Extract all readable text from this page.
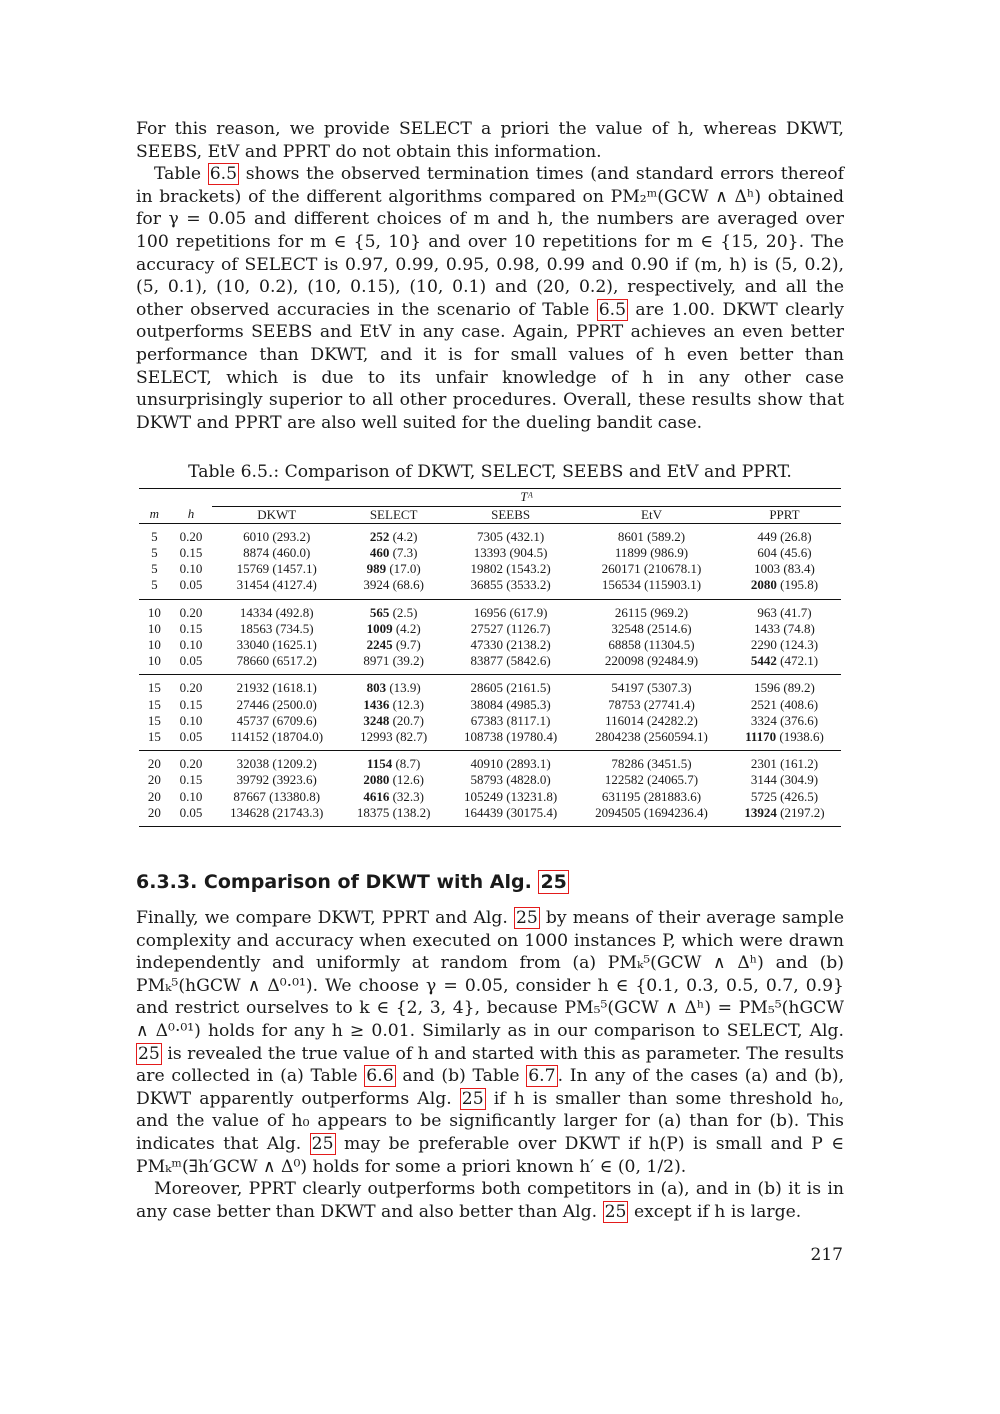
For this reason, we provide SELECT a priori the value of h, whereas DKWT, SEEBS, EtV and PPRT do not obtain this information.

Table 6.5 shows the observed termination times (and standard errors thereof in brackets) of the different algorithms compared on PM₂ᵐ(GCW ∧ Δʰ) obtained for γ = 0.05 and different choices of m and h, the numbers are averaged over 100 repetitions for m ∈ {5, 10} and over 10 repetitions for m ∈ {15, 20}. The accuracy of SELECT is 0.97, 0.99, 0.95, 0.98, 0.99 and 0.90 if (m, h) is (5, 0.2), (5, 0.1), (10, 0.2), (10, 0.15), (10, 0.1) and (20, 0.2), respectively, and all the other observed accuracies in the scenario of Table 6.5 are 1.00. DKWT clearly outperforms SEEBS and EtV in any case. Again, PPRT achieves an even better performance than DKWT, and it is for small values of h even better than SELECT, which is due to its unfair knowledge of h in any other case unsurprisingly superior to all other procedures. Overall, these results show that DKWT and PPRT are also well suited for the dueling bandit case.

Table 6.5.: Comparison of DKWT, SELECT, SEEBS and EtV and PPRT.

		Tᴬ				
m	h	DKWT	SELECT	SEEBS	EtV	PPRT
5	0.20	6010 (293.2)	252 (4.2)	7305 (432.1)	8601 (589.2)	449 (26.8)
5	0.15	8874 (460.0)	460 (7.3)	13393 (904.5)	11899 (986.9)	604 (45.6)
5	0.10	15769 (1457.1)	989 (17.0)	19802 (1543.2)	260171 (210678.1)	1003 (83.4)
5	0.05	31454 (4127.4)	3924 (68.6)	36855 (3533.2)	156534 (115903.1)	2080 (195.8)
10	0.20	14334 (492.8)	565 (2.5)	16956 (617.9)	26115 (969.2)	963 (41.7)
10	0.15	18563 (734.5)	1009 (4.2)	27527 (1126.7)	32548 (2514.6)	1433 (74.8)
10	0.10	33040 (1625.1)	2245 (9.7)	47330 (2138.2)	68858 (11304.5)	2290 (124.3)
10	0.05	78660 (6517.2)	8971 (39.2)	83877 (5842.6)	220098 (92484.9)	5442 (472.1)
15	0.20	21932 (1618.1)	803 (13.9)	28605 (2161.5)	54197 (5307.3)	1596 (89.2)
15	0.15	27446 (2500.0)	1436 (12.3)	38084 (4985.3)	78753 (27741.4)	2521 (408.6)
15	0.10	45737 (6709.6)	3248 (20.7)	67383 (8117.1)	116014 (24282.2)	3324 (376.6)
15	0.05	114152 (18704.0)	12993 (82.7)	108738 (19780.4)	2804238 (2560594.1)	11170 (1938.6)
20	0.20	32038 (1209.2)	1154 (8.7)	40910 (2893.1)	78286 (3451.5)	2301 (161.2)
20	0.15	39792 (3923.6)	2080 (12.6)	58793 (4828.0)	122582 (24065.7)	3144 (304.9)
20	0.10	87667 (13380.8)	4616 (32.3)	105249 (13231.8)	631195 (281883.6)	5725 (426.5)
20	0.05	134628 (21743.3)	18375 (138.2)	164439 (30175.4)	2094505 (1694236.4)	13924 (2197.2)
6.3.3. Comparison of DKWT with Alg. 25

Finally, we compare DKWT, PPRT and Alg. 25 by means of their average sample complexity and accuracy when executed on 1000 instances P, which were drawn independently and uniformly at random from (a) PMₖ⁵(GCW ∧ Δʰ) and (b) PMₖ⁵(hGCW ∧ Δ⁰·⁰¹). We choose γ = 0.05, consider h ∈ {0.1, 0.3, 0.5, 0.7, 0.9} and restrict ourselves to k ∈ {2, 3, 4}, because PM₅⁵(GCW ∧ Δʰ) = PM₅⁵(hGCW ∧ Δ⁰·⁰¹) holds for any h ≥ 0.01. Similarly as in our comparison to SELECT, Alg. 25 is revealed the true value of h and started with this as parameter. The results are collected in (a) Table 6.6 and (b) Table 6.7 . In any of the cases (a) and (b), DKWT apparently outperforms Alg. 25 if h is smaller than some threshold h₀, and the value of h₀ appears to be significantly larger for (a) than for (b). This indicates that Alg. 25 may be preferable over DKWT if h(P) is small and P ∈ PMₖᵐ(∃h′GCW ∧ Δ⁰) holds for some a priori known h′ ∈ (0, 1/2).

Moreover, PPRT clearly outperforms both competitors in (a), and in (b) it is in any case better than DKWT and also better than Alg. 25 except if h is large.

217
